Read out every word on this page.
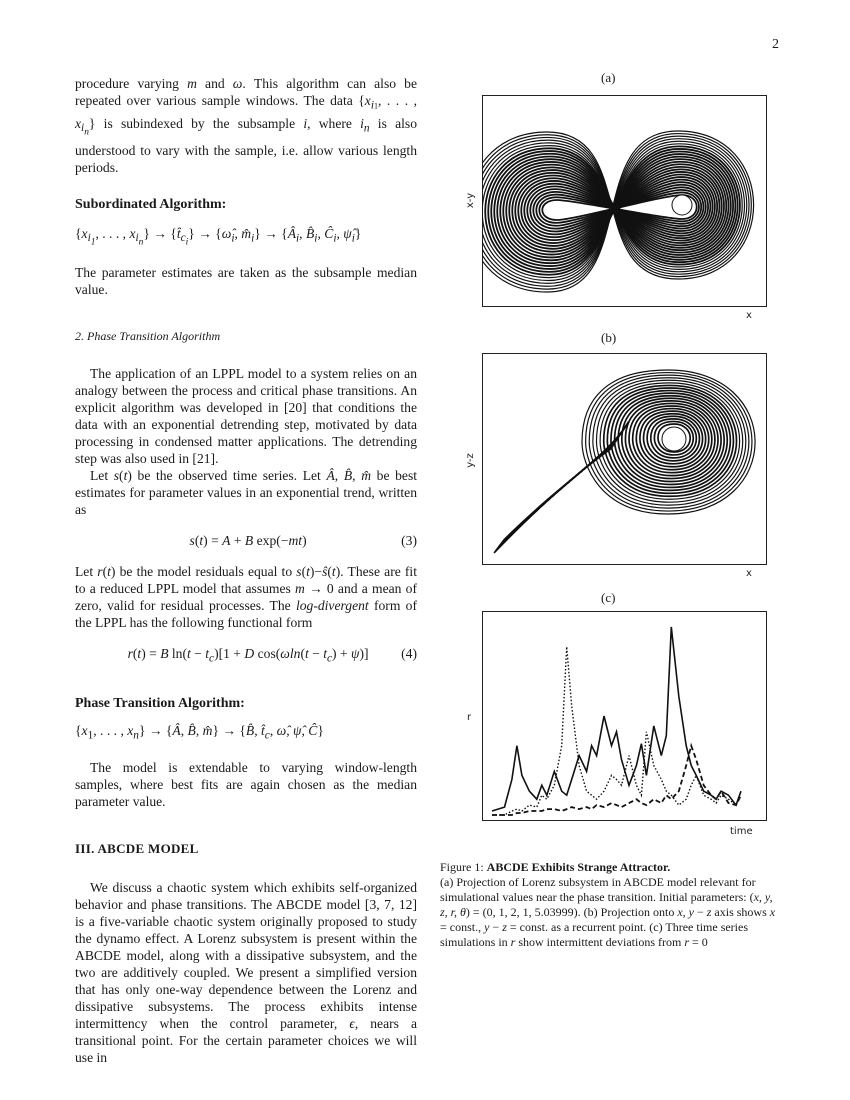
2

procedure varying m and ω. This algorithm can also be repeated over various sample windows. The data {$x_{i1}$, . . . , $x_{i_n}$} is subindexed by the subsample i, where $i_n$ is also understood to vary with the sample, i.e. allow various length periods.

Subordinated Algorithm:

{$x_{i_1}$, . . . , $x_{i_n}$} → $\{t̂_{c_i}\}$ → {$\omegâ_i$, $m̂_i$} → {$Â_i$, $B̂_i$, $Ĉ_i$, $\psî_i$}

The parameter estimates are taken as the subsample median value.

2. Phase Transition Algorithm

The application of an LPPL model to a system relies on an analogy between the process and critical phase transitions. An explicit algorithm was developed in [20] that conditions the data with an exponential detrending step, motivated by data processing in condensed matter applications. The detrending step was also used in [21].

Let s(t) be the observed time series. Let Â, B̂, m̂ be best estimates for parameter values in an exponential trend, written as

s(t) = A + B exp(−mt)	(3)

Let r(t) be the model residuals equal to s(t)−ŝ(t). These are fit to a reduced LPPL model that assumes m → 0 and a mean of zero, valid for residual processes. The log-divergent form of the LPPL has the following functional form

r(t) = B $\ln(t - t_c)[1 + D$ $\cos(\omega\ln(t - t_c) + \psi)$] (4)

Phase Transition Algorithm:

{$x_1$, . . . , $x_n$} → {Â, B̂, m̂} → {B̂, $t̂_c$, ω̂, ψ̂, Ĉ}

The model is extendable to varying window-length samples, where best fits are again chosen as the median parameter value.

III. ABCDE MODEL

We discuss a chaotic system which exhibits self-organized behavior and phase transitions. The ABCDE model [3, 7, 12] is a five-variable chaotic system originally proposed to study the dynamo effect. A Lorenz subsystem is present within the ABCDE model, along with a dissipative subsystem, and the two are additively coupled. We present a simplified version that has only one-way dependence between the Lorenz and dissipative subsystems. The process exhibits intense intermittency when the control parameter, ϵ, nears a transitional point. For the certain parameter choices we will use in

(a)
x-y
x
(b)
y-z
x
(c)
r
time

Figure 1: ABCDE Exhibits Strange Attractor.

(a) Projection of Lorenz subsystem in ABCDE model relevant for simulational values near the phase transition. Initial parameters: (x, y, z, r, θ) = (0, 1, 2, 1, 5.03999). (b) Projection onto x, y − z axis shows x = const., y − z = const. as a recurrent point. (c) Three time series simulations in r show intermittent deviations from r = 0
